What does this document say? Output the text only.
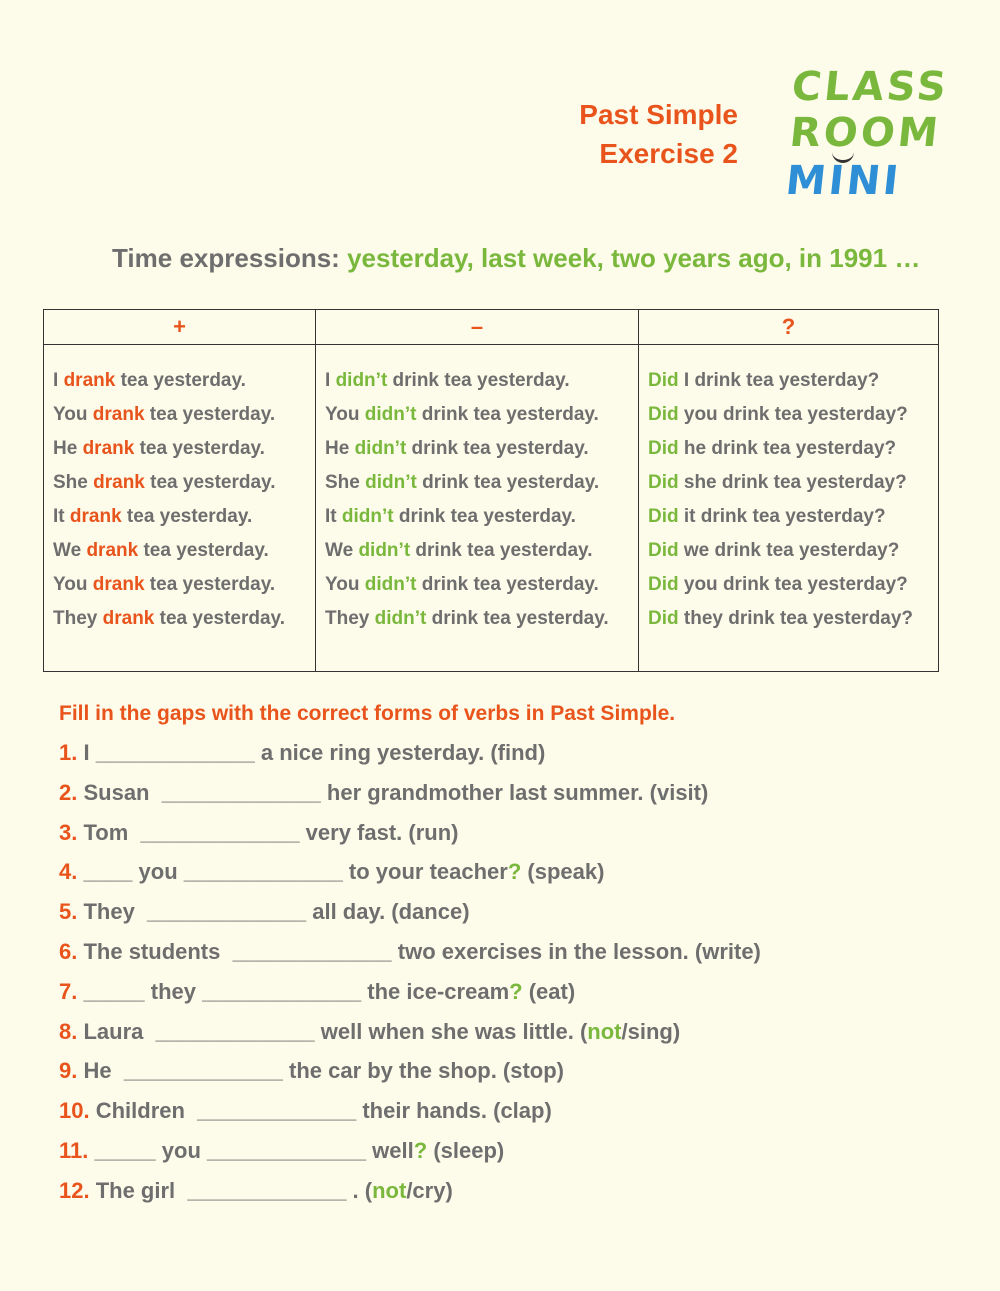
Past Simple
Exercise 2
CLASS
ROOM
MINI
Time expressions: yesterday, last week, two years ago, in 1991 …
+
I drank tea yesterday.
You drank tea yesterday.
He drank tea yesterday.
She drank tea yesterday.
It drank tea yesterday.
We drank tea yesterday.
You drank tea yesterday.
They drank tea yesterday.
–
I didn’t drink tea yesterday.
You didn’t drink tea yesterday.
He didn’t drink tea yesterday.
She didn’t drink tea yesterday.
It didn’t drink tea yesterday.
We didn’t drink tea yesterday.
You didn’t drink tea yesterday.
They didn’t drink tea yesterday.
?
Did I drink tea yesterday?
Did you drink tea yesterday?
Did he drink tea yesterday?
Did she drink tea yesterday?
Did it drink tea yesterday?
Did we drink tea yesterday?
Did you drink tea yesterday?
Did they drink tea yesterday?
Fill in the gaps with the correct forms of verbs in Past Simple.
1. I _____________ a nice ring yesterday. (find)
2. Susan  _____________ her grandmother last summer. (visit)
3. Tom  _____________ very fast. (run)
4. ____ you _____________ to your teacher? (speak)
5. They  _____________ all day. (dance)
6. The students  _____________ two exercises in the lesson. (write)
7. _____ they _____________ the ice-cream? (eat)
8. Laura  _____________ well when she was little. (not/sing)
9. He  _____________ the car by the shop. (stop)
10. Children  _____________ their hands. (clap)
11. _____ you _____________ well? (sleep)
12. The girl  _____________ . (not/cry)
